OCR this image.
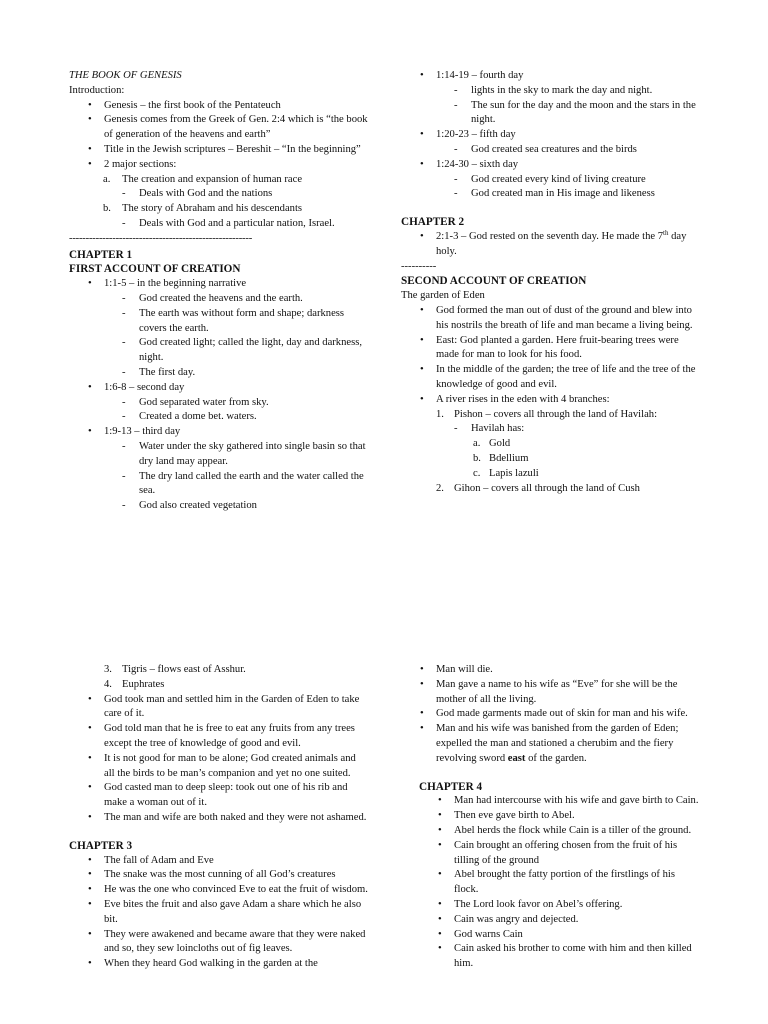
THE BOOK OF GENESIS

Introduction:

• Genesis – the first book of the Pentateuch
• Genesis comes from the Greek of Gen. 2:4 which is “the book of generation of the heavens and earth”
• Title in the Jewish scriptures – Bereshit – “In the beginning”
• 2 major sections:
a. The creation and expansion of human race
- Deals with God and the nations
b. The story of Abraham and his descendants
- Deals with God and a particular nation, Israel.

-------------------------------------------------------

CHAPTER 1

FIRST ACCOUNT OF CREATION

• 1:1-5 – in the beginning narrative
- God created the heavens and the earth.
- The earth was without form and shape; darkness covers the earth.
- God created light; called the light, day and darkness, night.
- The first day.
• 1:6-8 – second day
- God separated water from sky.
- Created a dome bet. waters.
• 1:9-13 – third day
- Water under the sky gathered into single basin so that dry land may appear.
- The dry land called the earth and the water called the sea.
- God also created vegetation
• 1:14-19 – fourth day
- lights in the sky to mark the day and night.
- The sun for the day and the moon and the stars in the night.
• 1:20-23 – fifth day
- God created sea creatures and the birds
• 1:24-30 – sixth day
- God created every kind of living creature
- God created man in His image and likeness

CHAPTER 2

• 2:1-3 – God rested on the seventh day. He made the 7th day holy.

----------

SECOND ACCOUNT OF CREATION

The garden of Eden

• God formed the man out of dust of the ground and blew into his nostrils the breath of life and man became a living being.
• East: God planted a garden. Here fruit-bearing trees were made for man to look for his food.
• In the middle of the garden; the tree of life and the tree of the knowledge of good and evil.
• A river rises in the eden with 4 branches:
1. Pishon – covers all through the land of Havilah:
- Havilah has:
a. Gold
b. Bdellium
c. Lapis lazuli
2. Gihon – covers all through the land of Cush
3. Tigris – flows east of Asshur.
4. Euphrates
• God took man and settled him in the Garden of Eden to take care of it.
• God told man that he is free to eat any fruits from any trees except the tree of knowledge of good and evil.
• It is not good for man to be alone; God created animals and all the birds to be man’s companion and yet no one suited.
• God casted man to deep sleep: took out one of his rib and make a woman out of it.
• The man and wife are both naked and they were not ashamed.

CHAPTER 3

• The fall of Adam and Eve
• The snake was the most cunning of all God’s creatures
• He was the one who convinced Eve to eat the fruit of wisdom.
• Eve bites the fruit and also gave Adam a share which he also bit.
• They were awakened and became aware that they were naked and so, they sew loincloths out of fig leaves.
• When they heard God walking in the garden at the
• Man will die.
• Man gave a name to his wife as “Eve” for she will be the mother of all the living.
• God made garments made out of skin for man and his wife.
• Man and his wife was banished from the garden of Eden; expelled the man and stationed a cherubim and the fiery revolving sword east of the garden.

CHAPTER 4

• Man had intercourse with his wife and gave birth to Cain.
• Then eve gave birth to Abel.
• Abel herds the flock while Cain is a tiller of the ground.
• Cain brought an offering chosen from the fruit of his tilling of the ground
• Abel brought the fatty portion of the firstlings of his flock.
• The Lord look favor on Abel’s offering.
• Cain was angry and dejected.
• God warns Cain
• Cain asked his brother to come with him and then killed him.
